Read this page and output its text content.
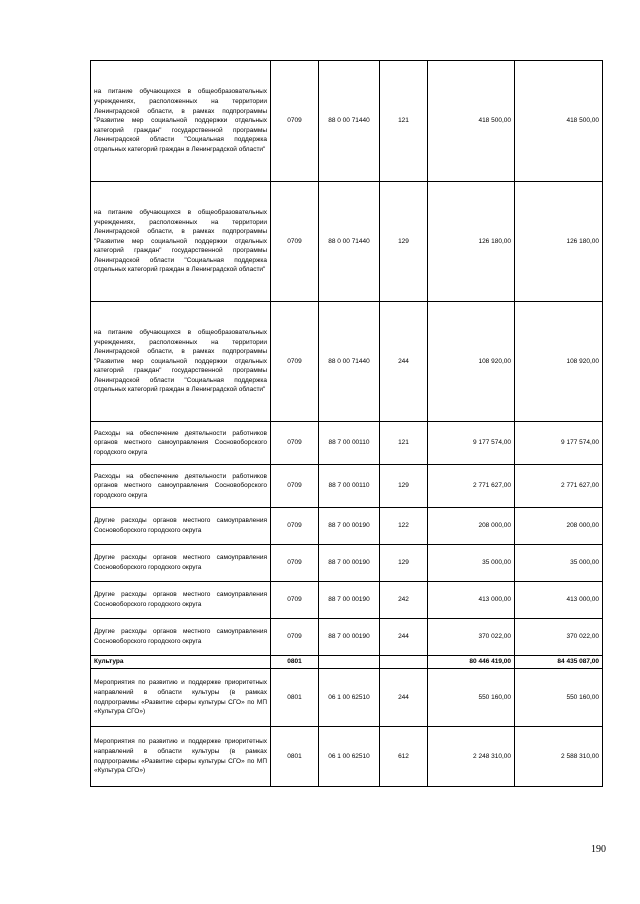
на питание обучающихся в общеобразовательных учреждениях, расположенных на территории Ленинградской области, в рамках подпрограммы "Развитие мер социальной поддержки отдельных категорий граждан" государственной программы Ленинградской области "Социальная поддержка отдельных категорий граждан в Ленинградской области"	0709	88 0 00 71440	121	418 500,00	418 500,00
на питание обучающихся в общеобразовательных учреждениях, расположенных на территории Ленинградской области, в рамках подпрограммы "Развитие мер социальной поддержки отдельных категорий граждан" государственной программы Ленинградской области "Социальная поддержка отдельных категорий граждан в Ленинградской области"	0709	88 0 00 71440	129	126 180,00	126 180,00
на питание обучающихся в общеобразовательных учреждениях, расположенных на территории Ленинградской области, в рамках подпрограммы "Развитие мер социальной поддержки отдельных категорий граждан" государственной программы Ленинградской области "Социальная поддержка отдельных категорий граждан в Ленинградской области"	0709	88 0 00 71440	244	108 920,00	108 920,00
Расходы на обеспечение деятельности работников органов местного самоуправления Сосновоборского городского округа	0709	88 7 00 00110	121	9 177 574,00	9 177 574,00
Расходы на обеспечение деятельности работников органов местного самоуправления Сосновоборского городского округа	0709	88 7 00 00110	129	2 771 627,00	2 771 627,00
Другие расходы органов местного самоуправления Сосновоборского городского округа	0709	88 7 00 00190	122	208 000,00	208 000,00
Другие расходы органов местного самоуправления Сосновоборского городского округа	0709	88 7 00 00190	129	35 000,00	35 000,00
Другие расходы органов местного самоуправления Сосновоборского городского округа	0709	88 7 00 00190	242	413 000,00	413 000,00
Другие расходы органов местного самоуправления Сосновоборского городского округа	0709	88 7 00 00190	244	370 022,00	370 022,00
Культура	0801			80 446 419,00	84 435 087,00
Мероприятия по развитию и поддержке приоритетных направлений в области культуры (в рамках подпрограммы «Развитие сферы культуры СГО» по МП «Культура СГО»)	0801	06 1 00 62510	244	550 160,00	550 160,00
Мероприятия по развитию и поддержке приоритетных направлений в области культуры (в рамках подпрограммы «Развитие сферы культуры СГО» по МП «Культура СГО»)	0801	06 1 00 62510	612	2 248 310,00	2 588 310,00
190
